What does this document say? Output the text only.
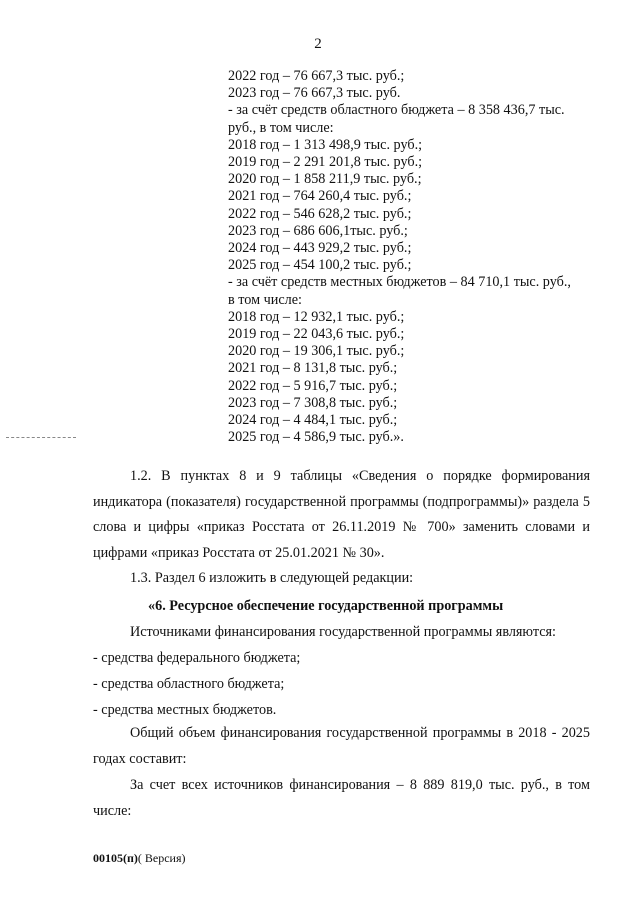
2
2022 год – 76 667,3 тыс. руб.;
2023 год – 76 667,3 тыс. руб.
- за счёт средств областного бюджета – 8 358 436,7 тыс.
руб., в том числе:
2018 год – 1 313 498,9 тыс. руб.;
2019 год – 2 291 201,8 тыс. руб.;
2020 год – 1 858 211,9 тыс. руб.;
2021 год – 764 260,4 тыс. руб.;
2022 год – 546 628,2 тыс. руб.;
2023 год – 686 606,1тыс. руб.;
2024 год – 443 929,2 тыс. руб.;
2025 год – 454 100,2 тыс. руб.;
- за счёт средств местных бюджетов – 84 710,1 тыс. руб.,
в том числе:
2018 год – 12 932,1 тыс. руб.;
2019 год – 22 043,6 тыс. руб.;
2020 год – 19 306,1 тыс. руб.;
2021 год – 8 131,8 тыс. руб.;
2022 год – 5 916,7 тыс. руб.;
2023 год – 7 308,8 тыс. руб.;
2024 год – 4 484,1 тыс. руб.;
2025 год – 4 586,9 тыс. руб.».
1.2. В пунктах 8 и 9 таблицы «Сведения о порядке формирования индикатора (показателя) государственной программы (подпрограммы)» раздела 5 слова и цифры «приказ Росстата от 26.11.2019 № 700» заменить словами и цифрами «приказ Росстата от 25.01.2021 № 30».
1.3. Раздел 6 изложить в следующей редакции:
«6. Ресурсное обеспечение государственной программы
Источниками финансирования государственной программы являются:
- средства федерального бюджета;
- средства областного бюджета;
- средства местных бюджетов.
Общий объем финансирования государственной программы в 2018 - 2025 годах составит:
За счет всех источников финансирования – 8 889 819,0 тыс. руб., в том числе:
00105(п)( Версия)
